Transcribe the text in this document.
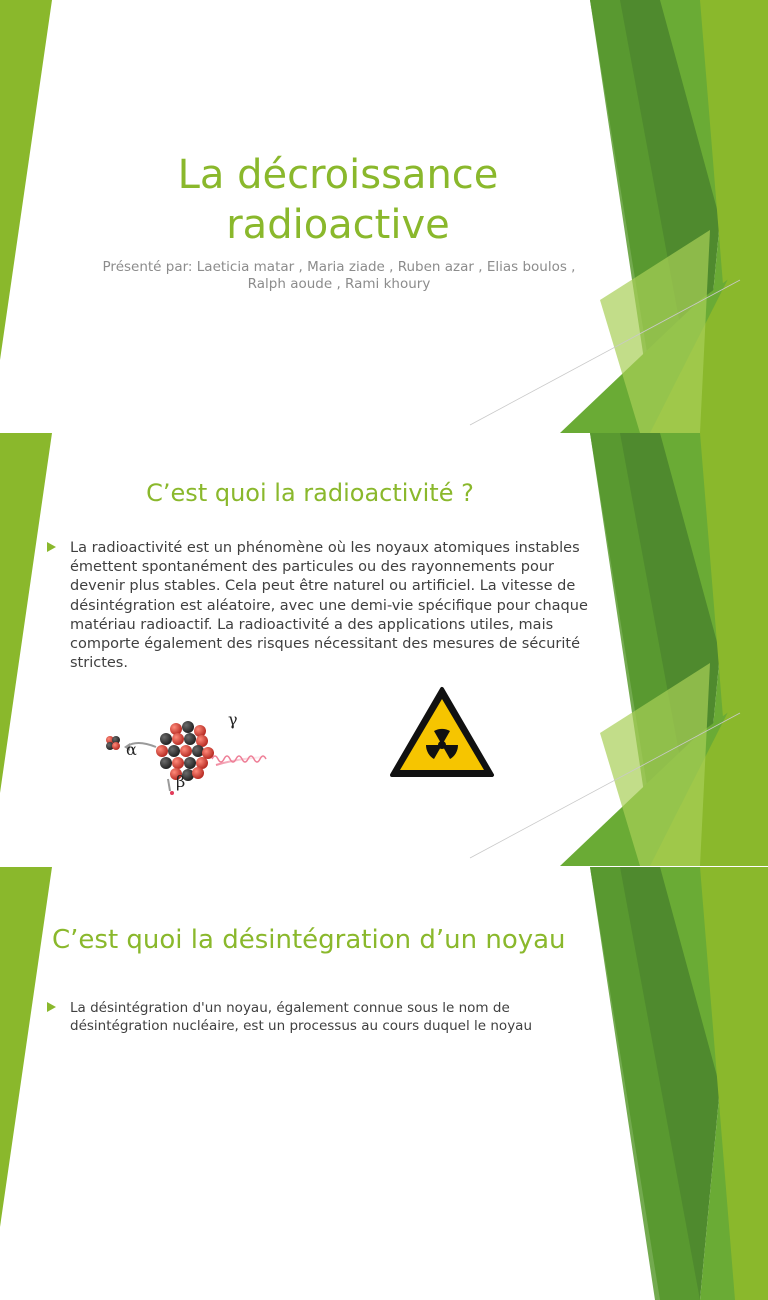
La décroissance radioactive
Présenté par: Laeticia matar , Maria ziade , Ruben azar , Elias boulos , Ralph aoude , Rami khoury
C’est quoi la radioactivité ?
La radioactivité est un phénomène où les noyaux atomiques instables émettent spontanément des particules ou des rayonnements pour devenir plus stables. Cela peut être naturel ou artificiel. La vitesse de désintégration est aléatoire, avec une demi-vie spécifique pour chaque matériau radioactif. La radioactivité a des applications utiles, mais comporte également des risques nécessitant des mesures de sécurité strictes.
α
γ
β
C’est quoi la désintégration d’un noyau
La désintégration d'un noyau, également connue sous le nom de désintégration nucléaire, est un processus au cours duquel le noyau
